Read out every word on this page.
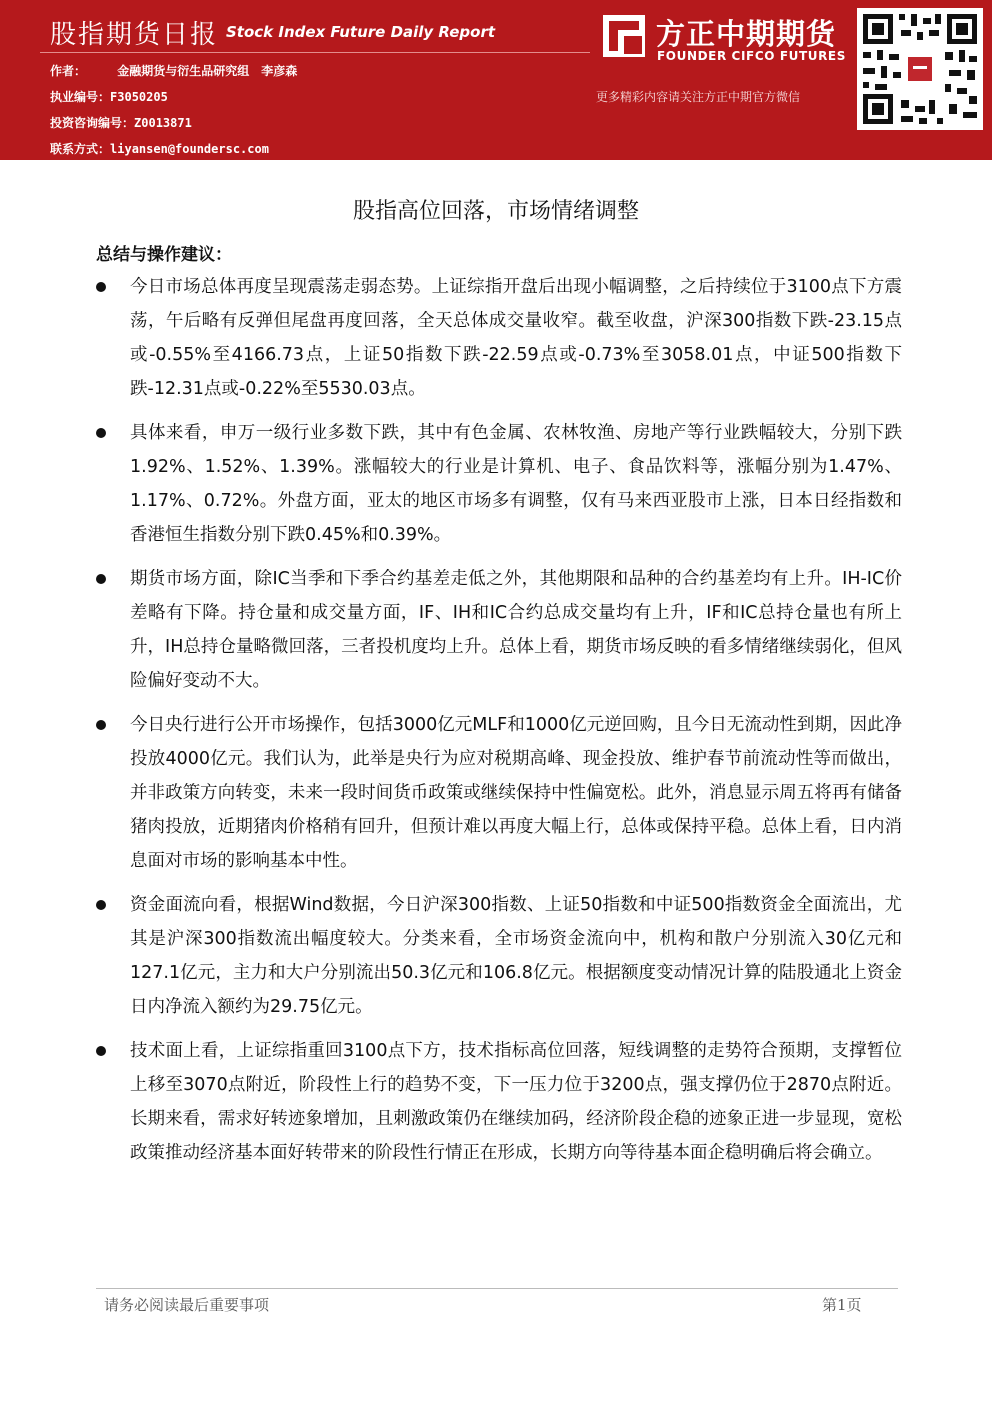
股指期货日报 Stock Index Future Daily Report
作者：	金融期货与衍生品研究组　李彦森
执业编号：F3050205
投资咨询编号：Z0013871
联系方式：liyansen@foundersc.com
方正中期期货
FOUNDER CIFCO FUTURES
更多精彩内容请关注方正中期官方微信
股指高位回落，市场情绪调整
总结与操作建议：
今日市场总体再度呈现震荡走弱态势。上证综指开盘后出现小幅调整，之后持续位于3100点下方震荡，午后略有反弹但尾盘再度回落，全天总体成交量收窄。截至收盘，沪深300指数下跌-23.15点或-0.55%至4166.73点，上证50指数下跌-22.59点或-0.73%至3058.01点，中证500指数下跌-12.31点或-0.22%至5530.03点。
具体来看，申万一级行业多数下跌，其中有色金属、农林牧渔、房地产等行业跌幅较大，分别下跌1.92%、1.52%、1.39%。涨幅较大的行业是计算机、电子、食品饮料等，涨幅分别为1.47%、1.17%、0.72%。外盘方面，亚太的地区市场多有调整，仅有马来西亚股市上涨，日本日经指数和香港恒生指数分别下跌0.45%和0.39%。
期货市场方面，除IC当季和下季合约基差走低之外，其他期限和品种的合约基差均有上升。IH-IC价差略有下降。持仓量和成交量方面，IF、IH和IC合约总成交量均有上升，IF和IC总持仓量也有所上升，IH总持仓量略微回落，三者投机度均上升。总体上看，期货市场反映的看多情绪继续弱化，但风险偏好变动不大。
今日央行进行公开市场操作，包括3000亿元MLF和1000亿元逆回购，且今日无流动性到期，因此净投放4000亿元。我们认为，此举是央行为应对税期高峰、现金投放、维护春节前流动性等而做出，并非政策方向转变，未来一段时间货币政策或继续保持中性偏宽松。此外，消息显示周五将再有储备猪肉投放，近期猪肉价格稍有回升，但预计难以再度大幅上行，总体或保持平稳。总体上看，日内消息面对市场的影响基本中性。
资金面流向看，根据Wind数据，今日沪深300指数、上证50指数和中证500指数资金全面流出，尤其是沪深300指数流出幅度较大。分类来看，全市场资金流向中，机构和散户分别流入30亿元和127.1亿元，主力和大户分别流出50.3亿元和106.8亿元。根据额度变动情况计算的陆股通北上资金日内净流入额约为29.75亿元。
技术面上看，上证综指重回3100点下方，技术指标高位回落，短线调整的走势符合预期，支撑暂位上移至3070点附近，阶段性上行的趋势不变，下一压力位于3200点，强支撑仍位于2870点附近。长期来看，需求好转迹象增加，且刺激政策仍在继续加码，经济阶段企稳的迹象正进一步显现，宽松政策推动经济基本面好转带来的阶段性行情正在形成，长期方向等待基本面企稳明确后将会确立。
请务必阅读最后重要事项	第1页
